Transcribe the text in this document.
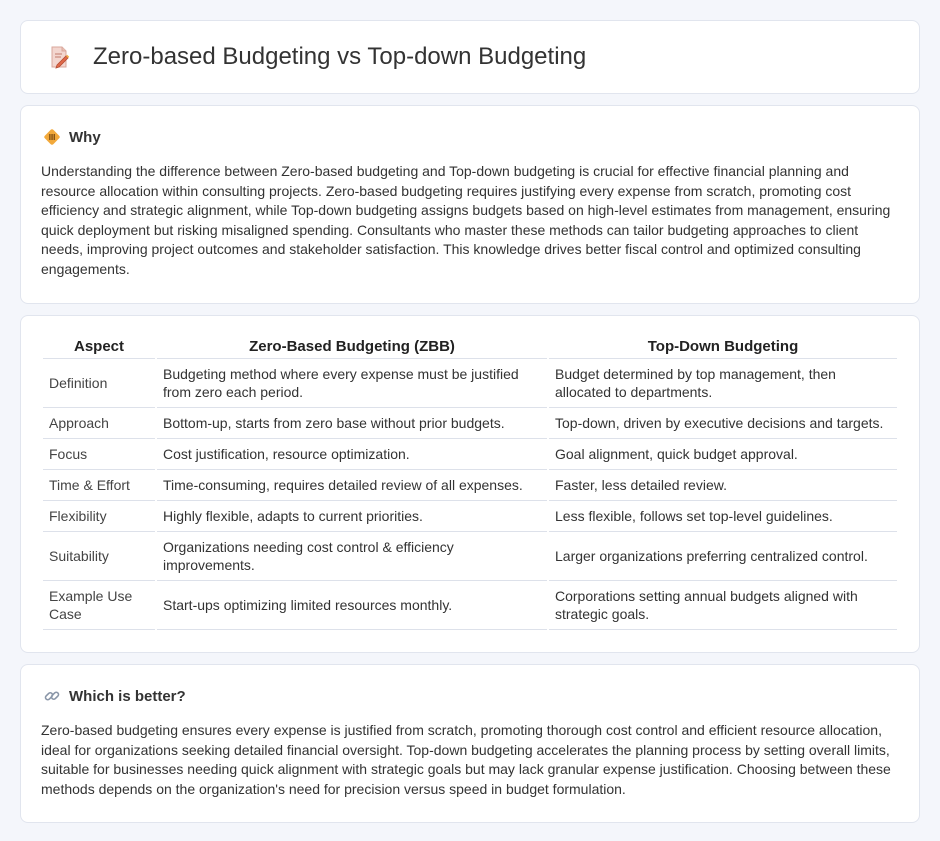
Zero-based Budgeting vs Top-down Budgeting
Why

Understanding the difference between Zero-based budgeting and Top-down budgeting is crucial for effective financial planning and resource allocation within consulting projects. Zero-based budgeting requires justifying every expense from scratch, promoting cost efficiency and strategic alignment, while Top-down budgeting assigns budgets based on high-level estimates from management, ensuring quick deployment but risking misaligned spending. Consultants who master these methods can tailor budgeting approaches to client needs, improving project outcomes and stakeholder satisfaction. This knowledge drives better fiscal control and optimized consulting engagements.

Aspect	Zero-Based Budgeting (ZBB)	Top-Down Budgeting
Definition	Budgeting method where every expense must be justified from zero each period.	Budget determined by top management, then allocated to departments.
Approach	Bottom-up, starts from zero base without prior budgets.	Top-down, driven by executive decisions and targets.
Focus	Cost justification, resource optimization.	Goal alignment, quick budget approval.
Time & Effort	Time-consuming, requires detailed review of all expenses.	Faster, less detailed review.
Flexibility	Highly flexible, adapts to current priorities.	Less flexible, follows set top-level guidelines.
Suitability	Organizations needing cost control & efficiency improvements.	Larger organizations preferring centralized control.
Example Use Case	Start-ups optimizing limited resources monthly.	Corporations setting annual budgets aligned with strategic goals.
Which is better?

Zero-based budgeting ensures every expense is justified from scratch, promoting thorough cost control and efficient resource allocation, ideal for organizations seeking detailed financial oversight. Top-down budgeting accelerates the planning process by setting overall limits, suitable for businesses needing quick alignment with strategic goals but may lack granular expense justification. Choosing between these methods depends on the organization's need for precision versus speed in budget formulation.
